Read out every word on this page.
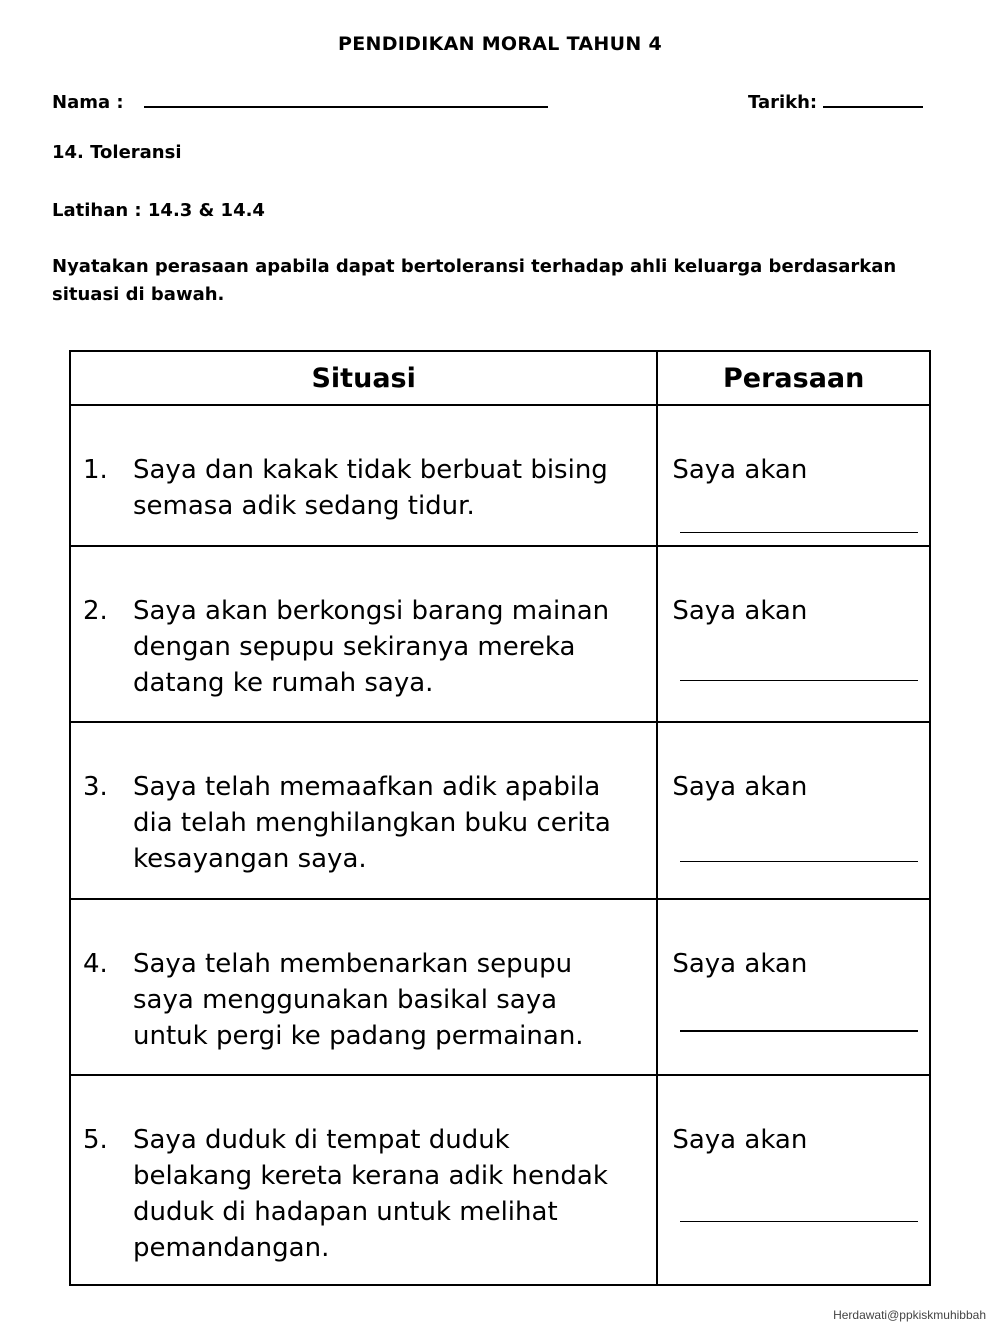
PENDIDIKAN MORAL TAHUN 4
Nama :	Tarikh:
14. Toleransi
Latihan : 14.3 & 14.4
Nyatakan perasaan apabila dapat bertoleransi terhadap ahli keluarga berdasarkan situasi di bawah.
Situasi	Perasaan

1. Saya dan kakak tidak berbuat bising semasa adik sedang tidur.	Saya akan

2. Saya akan berkongsi barang mainan dengan sepupu sekiranya mereka datang ke rumah saya.	Saya akan

3. Saya telah memaafkan adik apabila dia telah menghilangkan buku cerita kesayangan saya.	Saya akan

4. Saya telah membenarkan sepupu saya menggunakan basikal saya untuk pergi ke padang permainan.	Saya akan

5. Saya duduk di tempat duduk belakang kereta kerana adik hendak duduk di hadapan untuk melihat pemandangan.	Saya akan
Herdawati@ppkiskmuhibbah
